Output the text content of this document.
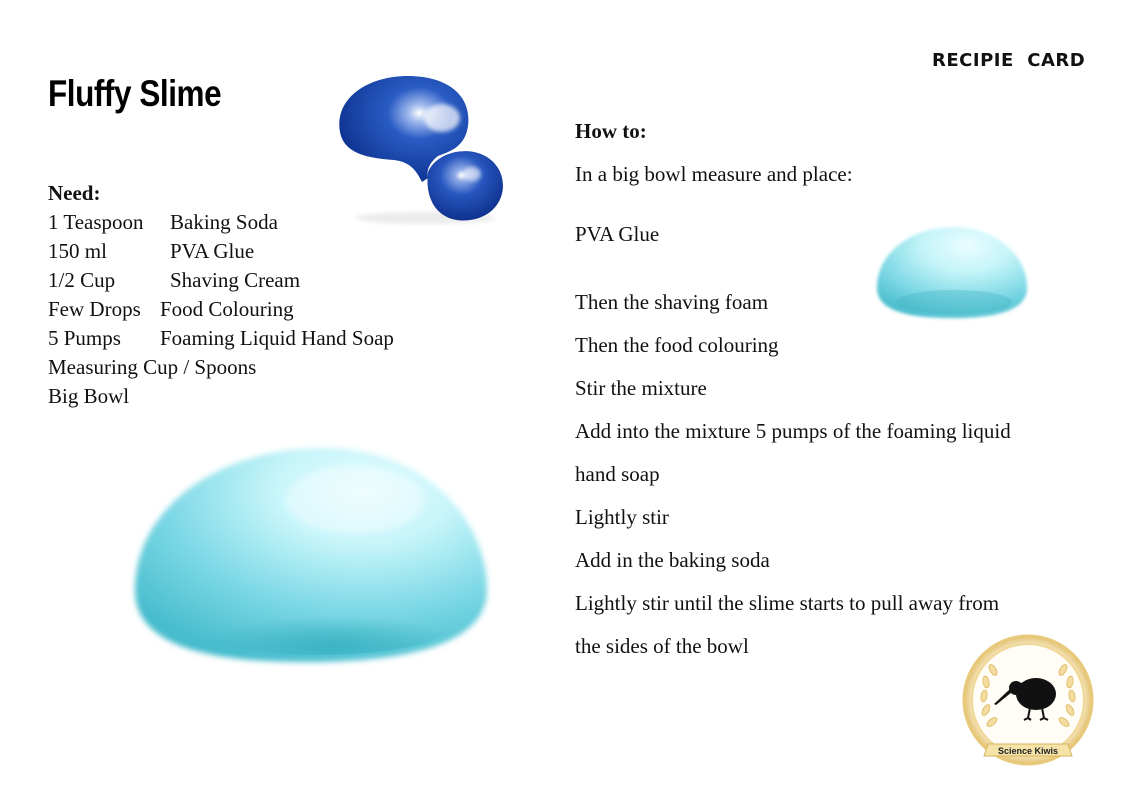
RECIPIE  CARD
Fluffy Slime
Need:
1 Teaspoon Baking Soda
150 ml	PVA Glue
1/2 Cup	Shaving Cream
Few Drops Food Colouring
5 Pumps Foaming Liquid Hand Soap
Measuring Cup / Spoons
Big Bowl
How to:
In a big bowl measure and place:
PVA Glue
Then the shaving foam
Then the food colouring
Stir the mixture
Add into the mixture 5 pumps of the foaming liquid
hand soap
Lightly stir
Add in the baking soda
Lightly stir until the slime starts to pull away from
the sides of the bowl
Science Kiwis
